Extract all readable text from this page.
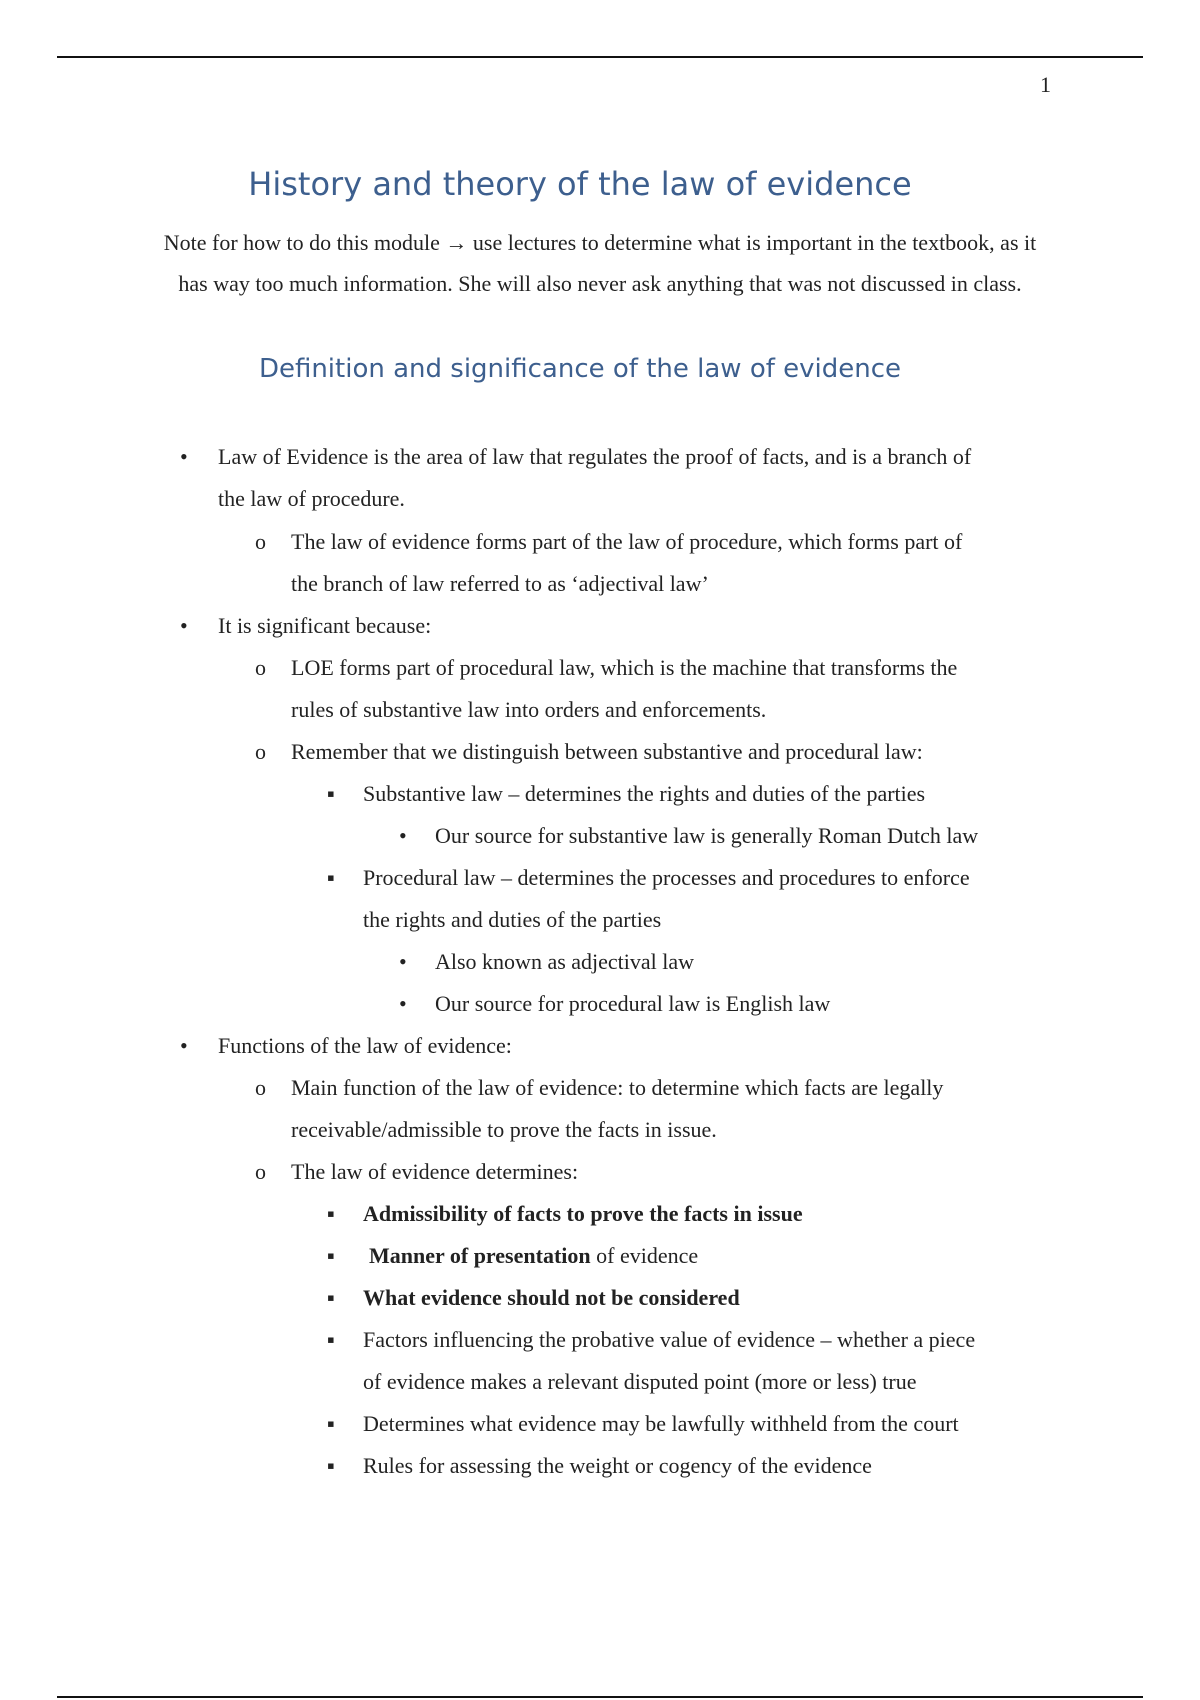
1
History and theory of the law of evidence

Note for how to do this module → use lectures to determine what is important in the textbook, as it has way too much information. She will also never ask anything that was not discussed in class.

Definition and significance of the law of evidence
• Law of Evidence is the area of law that regulates the proof of facts, and is a branch of
the law of procedure.
o The law of evidence forms part of the law of procedure, which forms part of
the branch of law referred to as ‘adjectival law’
• It is significant because:
o LOE forms part of procedural law, which is the machine that transforms the
rules of substantive law into orders and enforcements.
o Remember that we distinguish between substantive and procedural law:
▪ Substantive law – determines the rights and duties of the parties
• Our source for substantive law is generally Roman Dutch law
▪ Procedural law – determines the processes and procedures to enforce
the rights and duties of the parties
• Also known as adjectival law
• Our source for procedural law is English law
• Functions of the law of evidence:
o Main function of the law of evidence: to determine which facts are legally
receivable/admissible to prove the facts in issue.
o The law of evidence determines:
▪ Admissibility of facts to prove the facts in issue
▪ Manner of presentation of evidence
▪ What evidence should not be considered
▪ Factors influencing the probative value of evidence – whether a piece
of evidence makes a relevant disputed point (more or less) true
▪ Determines what evidence may be lawfully withheld from the court
▪ Rules for assessing the weight or cogency of the evidence
